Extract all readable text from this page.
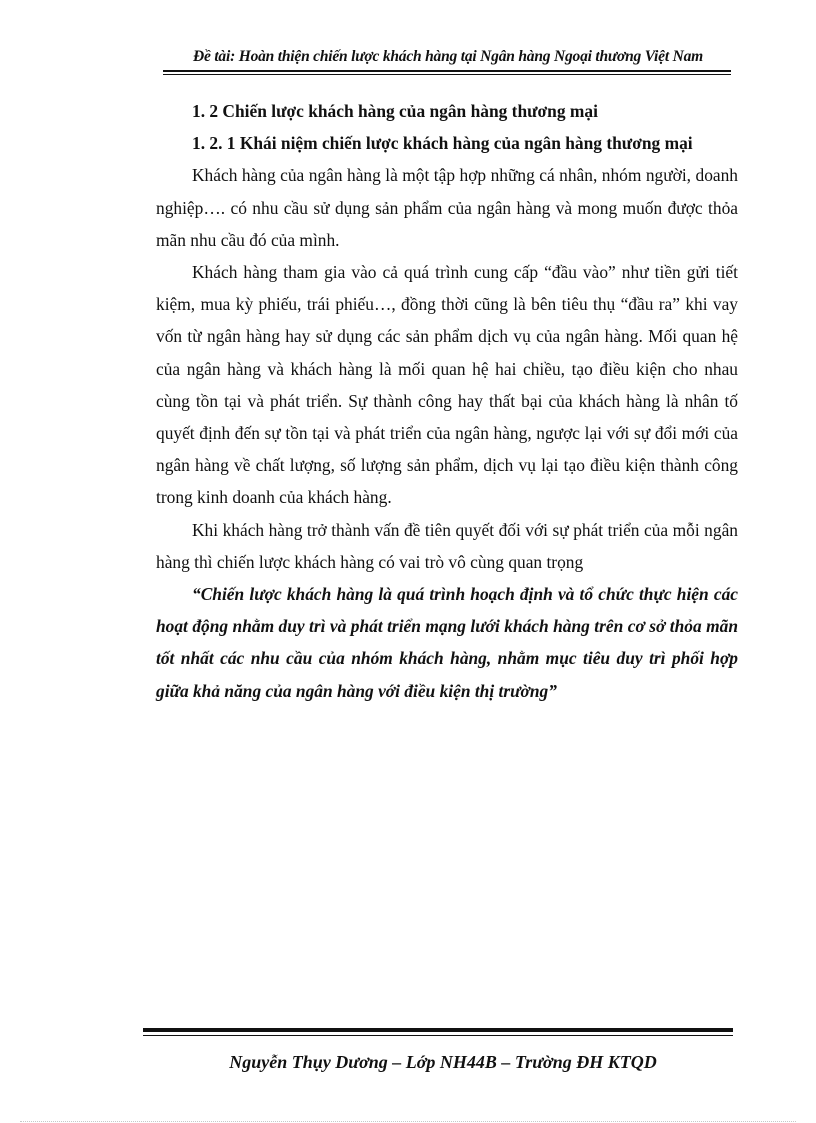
Đề tài: Hoàn thiện chiến lược khách hàng tại Ngân hàng Ngoại thương Việt Nam

1. 2 Chiến lược khách hàng của ngân hàng thương mại

1. 2. 1 Khái niệm chiến lược khách hàng của ngân hàng thương mại

Khách hàng của ngân hàng là một tập hợp những cá nhân, nhóm người, doanh nghiệp…. có nhu cầu sử dụng sản phẩm của ngân hàng và mong muốn được thỏa mãn nhu cầu đó của mình.

Khách hàng tham gia vào cả quá trình cung cấp “đầu vào” như tiền gửi tiết kiệm, mua kỳ phiếu, trái phiếu…, đồng thời cũng là bên tiêu thụ “đầu ra” khi vay vốn từ ngân hàng hay sử dụng các sản phẩm dịch vụ của ngân hàng. Mối quan hệ của ngân hàng và khách hàng là mối quan hệ hai chiều, tạo điều kiện cho nhau cùng tồn tại và phát triển. Sự thành công hay thất bại của khách hàng là nhân tố quyết định đến sự tồn tại và phát triển của ngân hàng, ngược lại với sự đổi mới của ngân hàng về chất lượng, số lượng sản phẩm, dịch vụ lại tạo điều kiện thành công trong kinh doanh của khách hàng.

Khi khách hàng trở thành vấn đề tiên quyết đối với sự phát triển của mỗi ngân hàng thì chiến lược khách hàng có vai trò vô cùng quan trọng

“Chiến lược khách hàng là quá trình hoạch định và tổ chức thực hiện các hoạt động nhằm duy trì và phát triển mạng lưới khách hàng trên cơ sở thỏa mãn tốt nhất các nhu cầu của nhóm khách hàng, nhằm mục tiêu duy trì phối hợp giữa khả năng của ngân hàng với điều kiện thị trường”

Nguyễn Thụy Dương – Lớp NH44B – Trường ĐH KTQD
